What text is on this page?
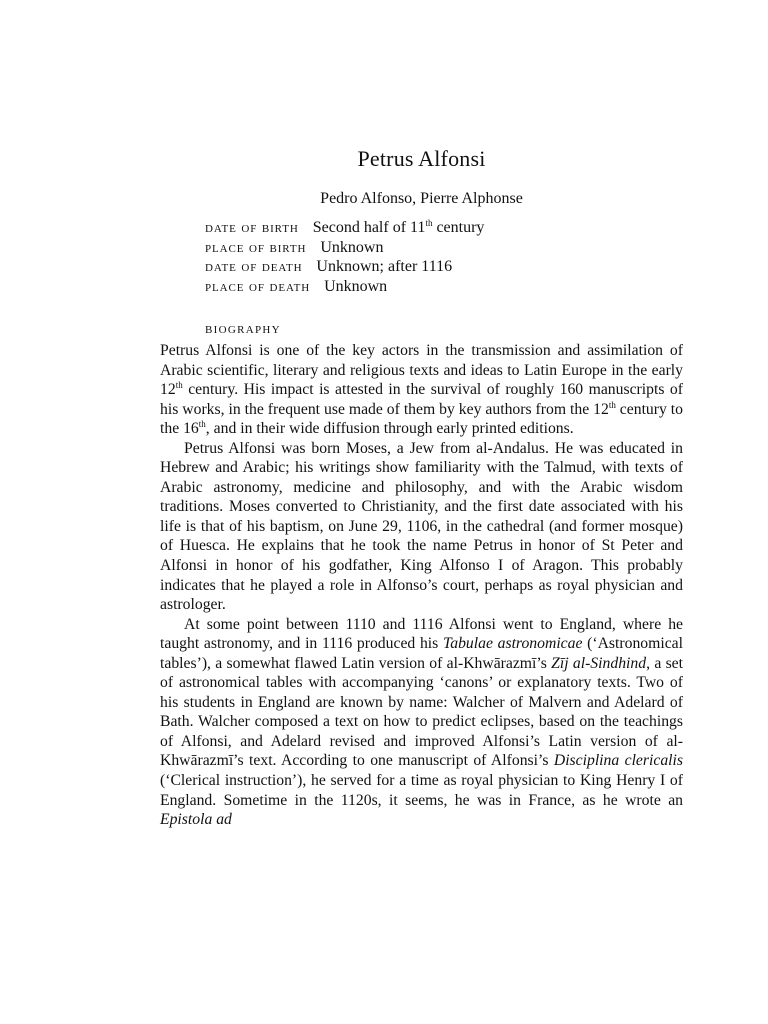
Petrus Alfonsi
Pedro Alfonso, Pierre Alphonse
date of birth Second half of 11th century
place of birth Unknown
date of death Unknown; after 1116
place of death Unknown
biography

Petrus Alfonsi is one of the key actors in the transmission and assimilation of Arabic scientific, literary and religious texts and ideas to Latin Europe in the early 12th century. His impact is attested in the survival of roughly 160 manuscripts of his works, in the frequent use made of them by key authors from the 12th century to the 16th, and in their wide diffusion through early printed editions.

Petrus Alfonsi was born Moses, a Jew from al-Andalus. He was educated in Hebrew and Arabic; his writings show familiarity with the Talmud, with texts of Arabic astronomy, medicine and philosophy, and with the Arabic wisdom traditions. Moses converted to Christianity, and the first date associated with his life is that of his baptism, on June 29, 1106, in the cathedral (and former mosque) of Huesca. He explains that he took the name Petrus in honor of St Peter and Alfonsi in honor of his godfather, King Alfonso I of Aragon. This probably indicates that he played a role in Alfonso’s court, perhaps as royal physician and astrologer.

At some point between 1110 and 1116 Alfonsi went to England, where he taught astronomy, and in 1116 produced his Tabulae astronomicae (‘Astronomical tables’), a somewhat flawed Latin version of al-Khwārazmī’s Zīj al-Sindhind, a set of astronomical tables with accompanying ‘canons’ or explanatory texts. Two of his students in England are known by name: Walcher of Malvern and Adelard of Bath. Walcher composed a text on how to predict eclipses, based on the teachings of Alfonsi, and Adelard revised and improved Alfonsi’s Latin version of al-Khwārazmī’s text. According to one manuscript of Alfonsi’s Disciplina clericalis (‘Clerical instruction’), he served for a time as royal physician to King Henry I of England. Sometime in the 1120s, it seems, he was in France, as he wrote an Epistola ad
